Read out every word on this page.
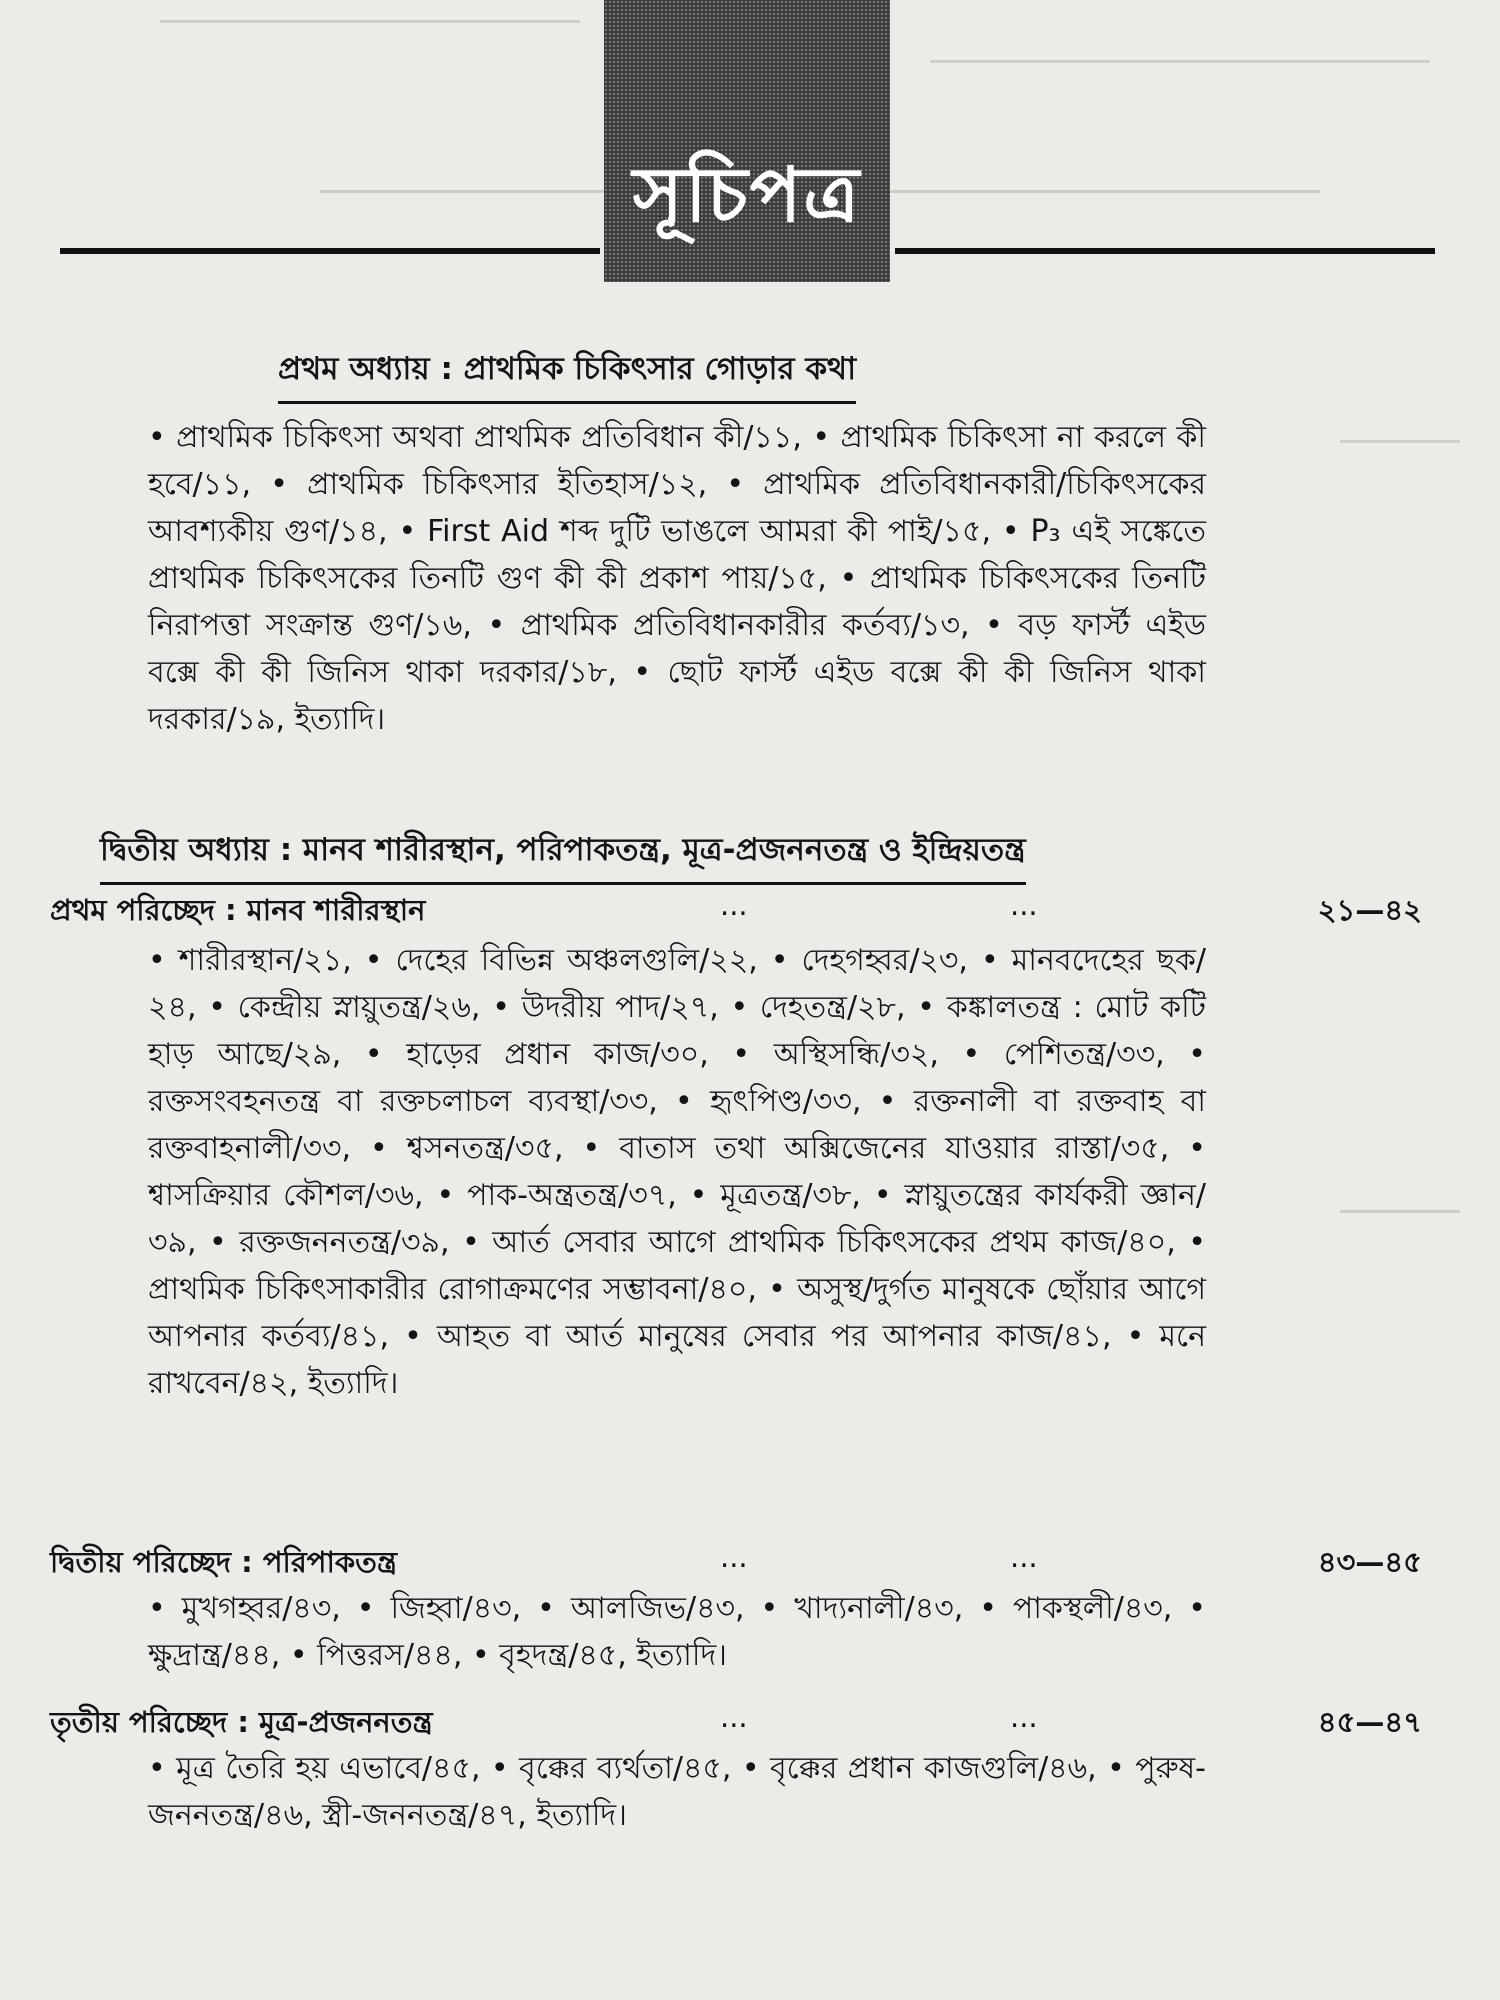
সূচিপত্র
প্রথম অধ্যায় : প্রাথমিক চিকিৎসার গোড়ার কথা
• প্রাথমিক চিকিৎসা অথবা প্রাথমিক প্রতিবিধান কী/১১, • প্রাথমিক চিকিৎসা না করলে কী হবে/১১, • প্রাথমিক চিকিৎসার ইতিহাস/১২, • প্রাথমিক প্রতিবিধানকারী/চিকিৎসকের আবশ্যকীয় গুণ/১৪, • First Aid শব্দ দুটি ভাঙলে আমরা কী পাই/১৫, • P₃ এই সঙ্কেতে প্রাথমিক চিকিৎসকের তিনটি গুণ কী কী প্রকাশ পায়/১৫, • প্রাথমিক চিকিৎসকের তিনটি নিরাপত্তা সংক্রান্ত গুণ/১৬, • প্রাথমিক প্রতিবিধানকারীর কর্তব্য/১৩, • বড় ফার্স্ট এইড বক্সে কী কী জিনিস থাকা দরকার/১৮, • ছোট ফার্স্ট এইড বক্সে কী কী জিনিস থাকা দরকার/১৯, ইত্যাদি।
দ্বিতীয় অধ্যায় : মানব শারীরস্থান, পরিপাকতন্ত্র, মূত্র-প্রজননতন্ত্র ও ইন্দ্রিয়তন্ত্র
প্রথম পরিচ্ছেদ : মানব শারীরস্থান	...	...	২১—৪২
• শারীরস্থান/২১, • দেহের বিভিন্ন অঞ্চলগুলি/২২, • দেহগহ্বর/২৩, • মানবদেহের ছক/২৪, • কেন্দ্রীয় স্নায়ুতন্ত্র/২৬, • উদরীয় পাদ/২৭, • দেহতন্ত্র/২৮, • কঙ্কালতন্ত্র : মোট কটি হাড় আছে/২৯, • হাড়ের প্রধান কাজ/৩০, • অস্থিসন্ধি/৩২, • পেশিতন্ত্র/৩৩, • রক্তসংবহনতন্ত্র বা রক্তচলাচল ব্যবস্থা/৩৩, • হৃৎপিণ্ড/৩৩, • রক্তনালী বা রক্তবাহ বা রক্তবাহনালী/৩৩, • শ্বসনতন্ত্র/৩৫, • বাতাস তথা অক্সিজেনের যাওয়ার রাস্তা/৩৫, • শ্বাসক্রিয়ার কৌশল/৩৬, • পাক-অন্ত্রতন্ত্র/৩৭, • মূত্রতন্ত্র/৩৮, • স্নায়ুতন্ত্রের কার্যকরী জ্ঞান/৩৯, • রক্তজননতন্ত্র/৩৯, • আর্ত সেবার আগে প্রাথমিক চিকিৎসকের প্রথম কাজ/৪০, • প্রাথমিক চিকিৎসাকারীর রোগাক্রমণের সম্ভাবনা/৪০, • অসুস্থ/দুর্গত মানুষকে ছোঁয়ার আগে আপনার কর্তব্য/৪১, • আহত বা আর্ত মানুষের সেবার পর আপনার কাজ/৪১, • মনে রাখবেন/৪২, ইত্যাদি।
দ্বিতীয় পরিচ্ছেদ : পরিপাকতন্ত্র	...	...	৪৩—৪৫
• মুখগহ্বর/৪৩, • জিহ্বা/৪৩, • আলজিভ/৪৩, • খাদ্যনালী/৪৩, • পাকস্থলী/৪৩, • ক্ষুদ্রান্ত্র/৪৪, • পিত্তরস/৪৪, • বৃহদন্ত্র/৪৫, ইত্যাদি।
তৃতীয় পরিচ্ছেদ : মূত্র-প্রজননতন্ত্র	...	...	৪৫—৪৭
• মূত্র তৈরি হয় এভাবে/৪৫, • বৃক্কের ব্যর্থতা/৪৫, • বৃক্কের প্রধান কাজগুলি/৪৬, • পুরুষ-জননতন্ত্র/৪৬, স্ত্রী-জননতন্ত্র/৪৭, ইত্যাদি।
